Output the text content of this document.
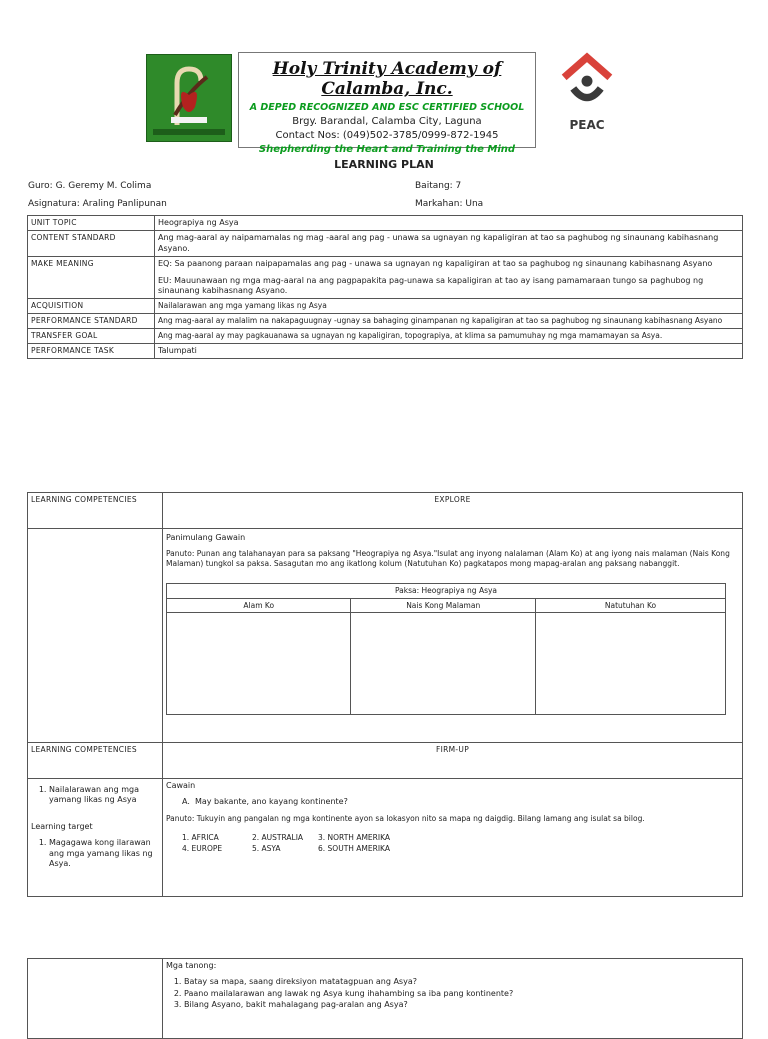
Holy Trinity Academy of Calamba, Inc.
A DEPED RECOGNIZED AND ESC CERTIFIED SCHOOL
Brgy. Barandal, Calamba City, Laguna
Contact Nos: (049)502-3785/0999-872-1945
Shepherding the Heart and Training the Mind
PEAC
LEARNING PLAN
Guro: G. Geremy M. Colima	Baitang: 7
Asignatura: Araling Panlipunan	Markahan: Una
UNIT TOPIC	Heograpiya ng Asya
CONTENT STANDARD	Ang mag-aaral ay naipamamalas ng mag -aaral ang pag - unawa sa ugnayan ng kapaligiran at tao sa paghubog ng sinaunang kabihasnang Asyano.
MAKE MEANING	EQ: Sa paanong paraan naipapamalas ang pag - unawa sa ugnayan ng kapaligiran at tao sa paghubog ng sinaunang kabihasnang Asyano
EU: Mauunawaan ng mga mag-aaral na ang pagpapakita pag-unawa sa kapaligiran at tao ay isang pamamaraan tungo sa paghubog ng sinaunang kabihasnang Asyano.

ACQUISITION	Nailalarawan ang mga yamang likas ng Asya
PERFORMANCE STANDARD	Ang mag-aaral ay malalim na nakapaguugnay -ugnay sa bahaging ginampanan ng kapaligiran at tao sa paghubog ng sinaunang kabihasnang Asyano
TRANSFER GOAL	Ang mag-aaral ay may pagkauanawa sa ugnayan ng kapaligiran, topograpiya, at klima sa pamumuhay ng mga mamamayan sa Asya.
PERFORMANCE TASK	Talumpati
LEARNING COMPETENCIES	EXPLORE

Panimulang Gawain
Panuto: Punan ang talahanayan para sa paksang "Heograpiya ng Asya."Isulat ang inyong nalalaman (Alam Ko) at ang iyong nais malaman (Nais Kong Malaman) tungkol sa paksa. Sasagutan mo ang ikatlong kolum (Natutuhan Ko) pagkatapos mong mapag-aralan ang paksang nabanggit.
Paksa: Heograpiya ng Asya
Alam Ko	Nais Kong Malaman	Natutuhan Ko

LEARNING COMPETENCIES	FIRM-UP

1. Nailalarawan ang mga yamang likas ng Asya
Learning target
1. Magagawa kong ilarawan ang mga yamang likas ng Asya.

Cawain
A.  May bakante, ano kayang kontinente?
Panuto: Tukuyin ang pangalan ng mga kontinente ayon sa lokasyon nito sa mapa ng daigdig. Bilang lamang ang isulat sa bilog.
1. AFRICA	2. AUSTRALIA 3. NORTH AMERIKA
4. EUROPE	5. ASYA	6. SOUTH AMERIKA

Mga tanong:
1. Batay sa mapa, saang direksiyon matatagpuan ang Asya?
2. Paano mailalarawan ang lawak ng Asya kung ihahambing sa iba pang kontinente?
3. Bilang Asyano, bakit mahalagang pag-aralan ang Asya?
